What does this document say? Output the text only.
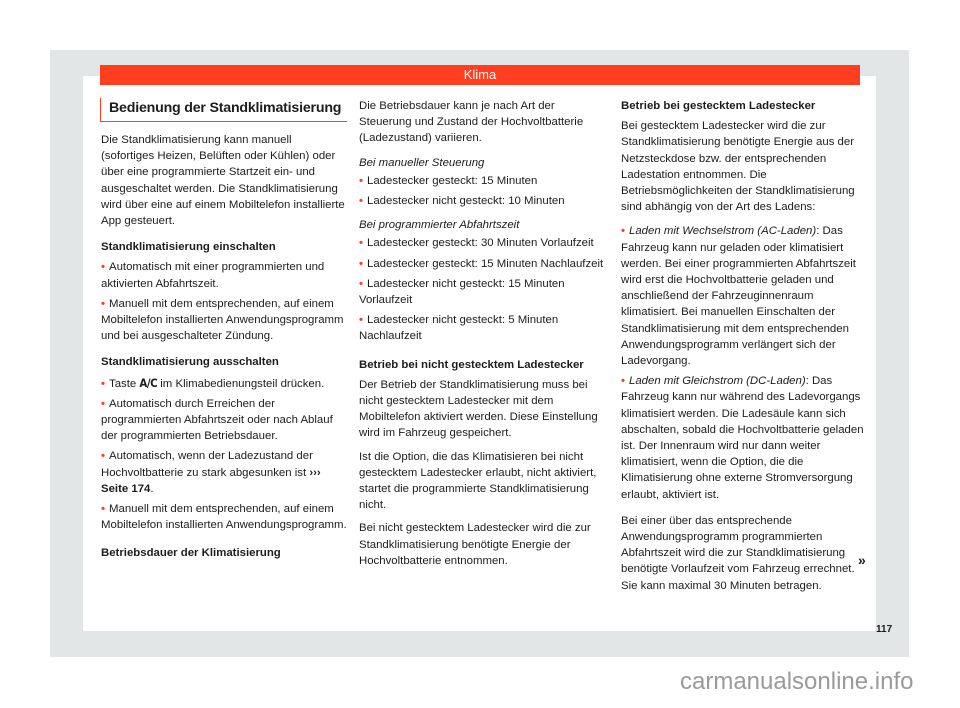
Klima
Bedienung der Standklimatisierung

Die Standklimatisierung kann manuell (sofortiges Heizen, Belüften oder Kühlen) oder über eine programmierte Startzeit ein- und ausgeschaltet werden. Die Standklimatisierung wird über eine auf einem Mobiltelefon installierte App gesteuert.

Standklimatisierung einschalten
• Automatisch mit einer programmierten und aktivierten Abfahrtszeit.
• Manuell mit dem entsprechenden, auf einem Mobiltelefon installierten Anwendungsprogramm und bei ausgeschalteter Zündung.
Standklimatisierung ausschalten
• Taste A/C im Klimabedienungsteil drücken.
• Automatisch durch Erreichen der programmierten Abfahrtszeit oder nach Ablauf der programmierten Betriebsdauer.
• Automatisch, wenn der Ladezustand der Hochvoltbatterie zu stark abgesunken ist ››› Seite 174.
• Manuell mit dem entsprechenden, auf einem Mobiltelefon installierten Anwendungsprogramm.
Betriebsdauer der Klimatisierung

Die Betriebsdauer kann je nach Art der Steuerung und Zustand der Hochvoltbatterie (Ladezustand) variieren.

Bei manueller Steuerung
• Ladestecker gesteckt: 15 Minuten
• Ladestecker nicht gesteckt: 10 Minuten
Bei programmierter Abfahrtszeit
• Ladestecker gesteckt: 30 Minuten Vorlaufzeit
• Ladestecker gesteckt: 15 Minuten Nachlaufzeit
• Ladestecker nicht gesteckt: 15 Minuten Vorlaufzeit
• Ladestecker nicht gesteckt: 5 Minuten Nachlaufzeit
Betrieb bei nicht gestecktem Ladestecker

Der Betrieb der Standklimatisierung muss bei nicht gestecktem Ladestecker mit dem Mobiltelefon aktiviert werden. Diese Einstellung wird im Fahrzeug gespeichert.

Ist die Option, die das Klimatisieren bei nicht gestecktem Ladestecker erlaubt, nicht aktiviert, startet die programmierte Standklimatisierung nicht.

Bei nicht gestecktem Ladestecker wird die zur Standklimatisierung benötigte Energie der Hochvoltbatterie entnommen.

Betrieb bei gestecktem Ladestecker

Bei gestecktem Ladestecker wird die zur Standklimatisierung benötigte Energie aus der Netzsteckdose bzw. der entsprechenden Ladestation entnommen. Die Betriebsmöglichkeiten der Standklimatisierung sind abhängig von der Art des Ladens:

• Laden mit Wechselstrom (AC-Laden): Das Fahrzeug kann nur geladen oder klimatisiert werden. Bei einer programmierten Abfahrtszeit wird erst die Hochvoltbatterie geladen und anschließend der Fahrzeuginnenraum klimatisiert. Bei manuellen Einschalten der Standklimatisierung mit dem entsprechenden Anwendungsprogramm verlängert sich der Ladevorgang.
• Laden mit Gleichstrom (DC-Laden): Das Fahrzeug kann nur während des Ladevorgangs klimatisiert werden. Die Ladesäule kann sich abschalten, sobald die Hochvoltbatterie geladen ist. Der Innenraum wird nur dann weiter klimatisiert, wenn die Option, die die Klimatisierung ohne externe Stromversorgung erlaubt, aktiviert ist.

Bei einer über das entsprechende Anwendungsprogramm programmierten Abfahrtszeit wird die zur Standklimatisierung benötigte Vorlaufzeit vom Fahrzeug errechnet. Sie kann maximal 30 Minuten betragen.

»
117
carmanualsonline.info
